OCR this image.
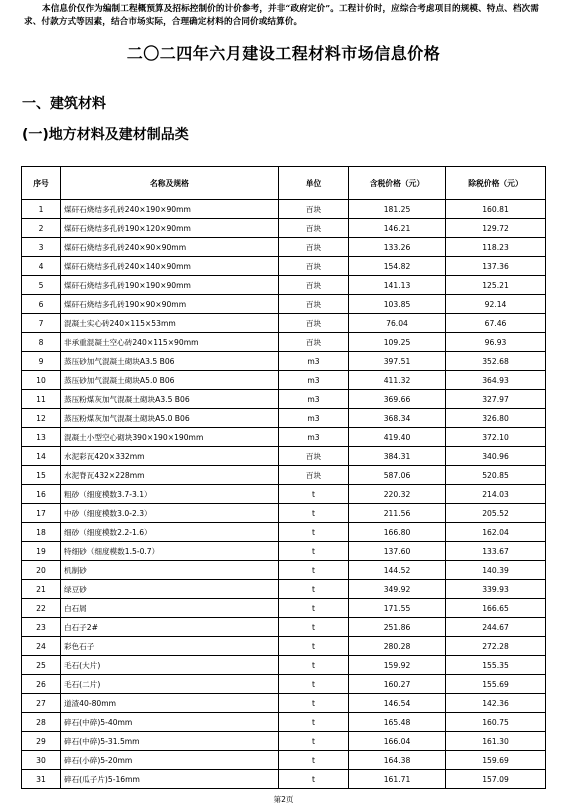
本信息价仅作为编制工程概预算及招标控制价的计价参考，并非“政府定价”。工程计价时，应综合考虑项目的规模、特点、档次需求、付款方式等因素，结合市场实际，合理确定材料的合同价或结算价。
二〇二四年六月建设工程材料市场信息价格
一、建筑材料
(一)地方材料及建材制品类
序号	名称及规格	单位	含税价格（元）	除税价格（元）
1	煤矸石烧结多孔砖240×190×90mm	百块	181.25	160.81
2	煤矸石烧结多孔砖190×120×90mm	百块	146.21	129.72
3	煤矸石烧结多孔砖240×90×90mm	百块	133.26	118.23
4	煤矸石烧结多孔砖240×140×90mm	百块	154.82	137.36
5	煤矸石烧结多孔砖190×190×90mm	百块	141.13	125.21
6	煤矸石烧结多孔砖190×90×90mm	百块	103.85	92.14
7	混凝土实心砖240×115×53mm	百块	76.04	67.46
8	非承重混凝土空心砖240×115×90mm	百块	109.25	96.93
9	蒸压砂加气混凝土砌块A3.5 B06	m3	397.51	352.68
10	蒸压砂加气混凝土砌块A5.0 B06	m3	411.32	364.93
11	蒸压粉煤灰加气混凝土砌块A3.5 B06	m3	369.66	327.97
12	蒸压粉煤灰加气混凝土砌块A5.0 B06	m3	368.34	326.80
13	混凝土小型空心砌块390×190×190mm	m3	419.40	372.10
14	水泥彩瓦420×332mm	百块	384.31	340.96
15	水泥脊瓦432×228mm	百块	587.06	520.85
16	粗砂（细度模数3.7-3.1）	t	220.32	214.03
17	中砂（细度模数3.0-2.3）	t	211.56	205.52
18	细砂（细度模数2.2-1.6）	t	166.80	162.04
19	特细砂（细度模数1.5-0.7）	t	137.60	133.67
20	机制砂	t	144.52	140.39
21	绿豆砂	t	349.92	339.93
22	白石屑	t	171.55	166.65
23	白石子2#	t	251.86	244.67
24	彩色石子	t	280.28	272.28
25	毛石(大片)	t	159.92	155.35
26	毛石(二片)	t	160.27	155.69
27	道渣40-80mm	t	146.54	142.36
28	碎石(中碎)5-40mm	t	165.48	160.75
29	碎石(中碎)5-31.5mm	t	166.04	161.30
30	碎石(小碎)5-20mm	t	164.38	159.69
31	碎石(瓜子片)5-16mm	t	161.71	157.09
第2页
